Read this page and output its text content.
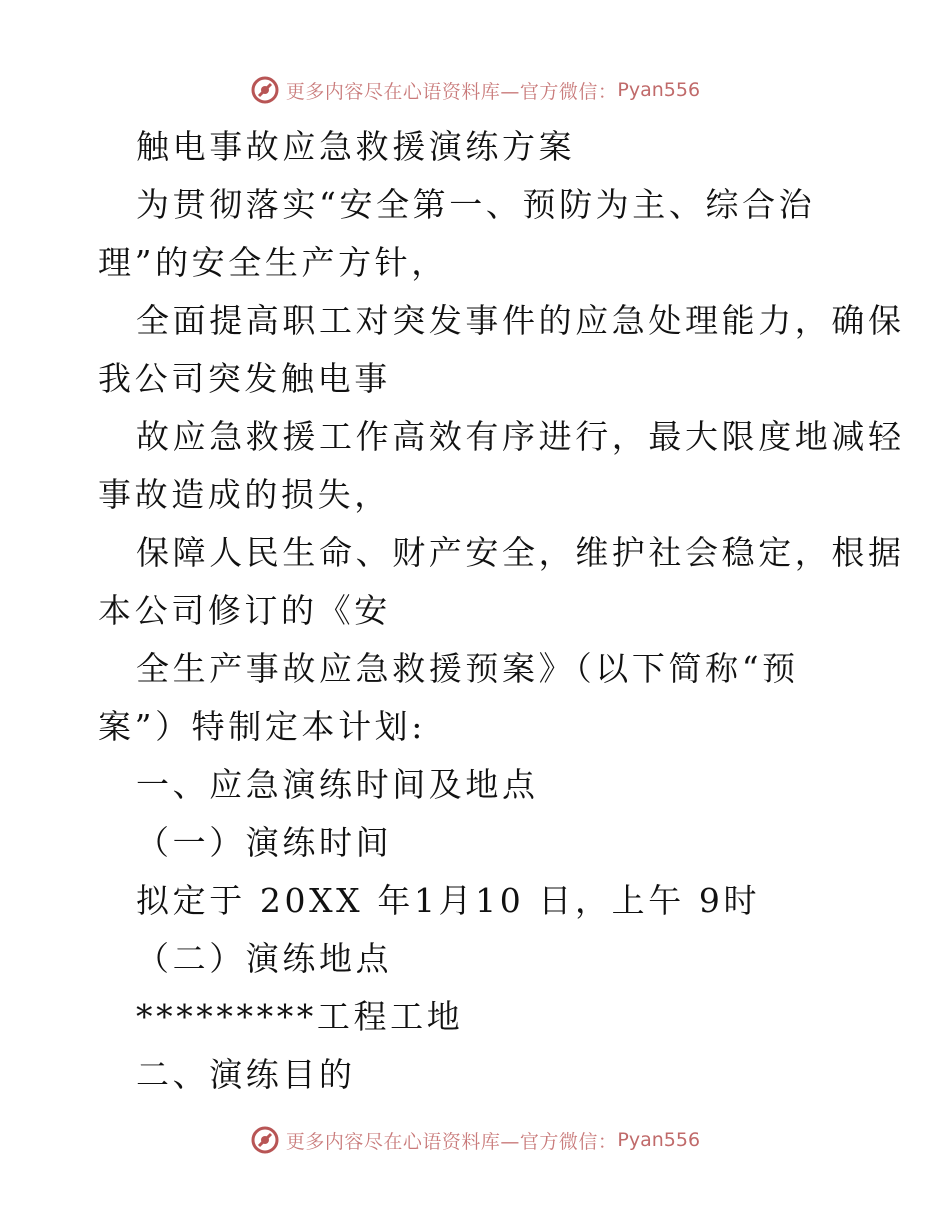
更多内容尽在心语资料库—官方微信： Pyan556
触电事故应急救援演练方案
为贯彻落实“安全第一、预防为主、综合治
理”的安全生产方针，
全面提高职工对突发事件的应急处理能力，确保
我公司突发触电事
故应急救援工作高效有序进行，最大限度地减轻
事故造成的损失，
保障人民生命、财产安全，维护社会稳定，根据
本公司修订的《安
全生产事故应急救援预案》（以下简称“预
案”）特制定本计划:
一、应急演练时间及地点
（一）演练时间
拟定于 20XX 年1月10 日，上午 9时
（二）演练地点
*********工程工地
二、演练目的
更多内容尽在心语资料库—官方微信： Pyan556
